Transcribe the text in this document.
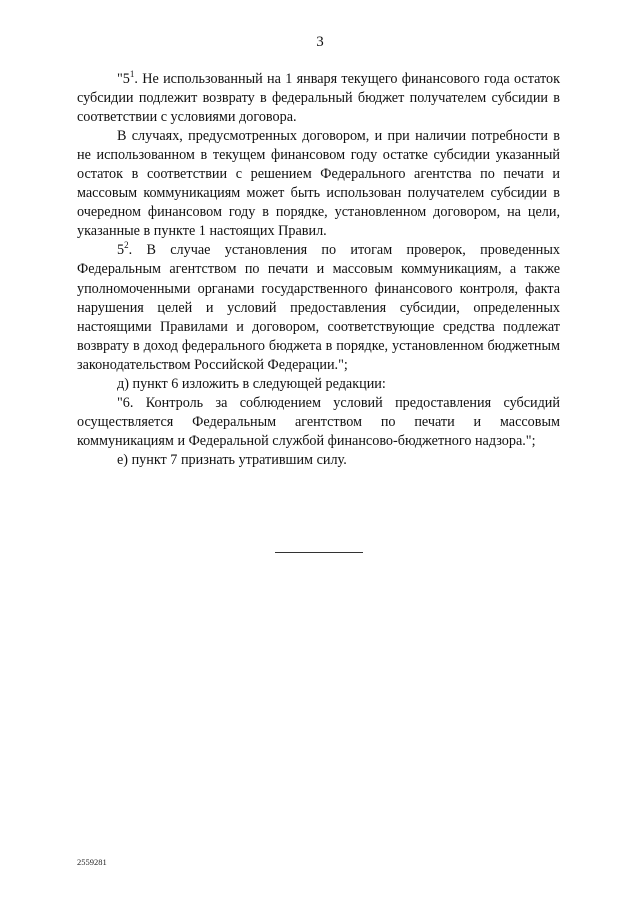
3

"$5^1$. Не использованный на 1 января текущего финансового года остаток субсидии подлежит возврату в федеральный бюджет получателем субсидии в соответствии с условиями договора.

В случаях, предусмотренных договором, и при наличии потребности в не использованном в текущем финансовом году остатке субсидии указанный остаток в соответствии с решением Федерального агентства по печати и массовым коммуникациям может быть использован получателем субсидии в очередном финансовом году в порядке, установленном договором, на цели, указанные в пункте 1 настоящих Правил.

$5^2$. В случае установления по итогам проверок, проведенных Федеральным агентством по печати и массовым коммуникациям, а также уполномоченными органами государственного финансового контроля, факта нарушения целей и условий предоставления субсидии, определенных настоящими Правилами и договором, соответствующие средства подлежат возврату в доход федерального бюджета в порядке, установленном бюджетным законодательством Российской Федерации.";

д) пункт 6 изложить в следующей редакции:

"6. Контроль за соблюдением условий предоставления субсидий осуществляется Федеральным агентством по печати и массовым коммуникациям и Федеральной службой финансово-бюджетного надзора.";

е) пункт 7 признать утратившим силу.

2559281
